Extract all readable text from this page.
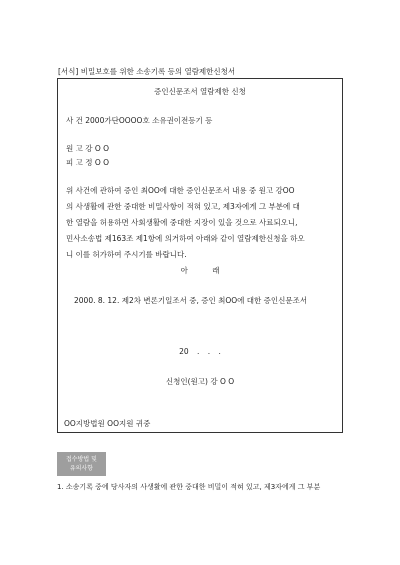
[서식] 비밀보호를 위한 소송기록 등의 열람제한신청서
증인신문조서 열람제한 신청
사 건 2000가단OOOO호 소유권이전등기 등
원 고 강 O O
피 고 정 O O

위 사건에 관하여 증인 최OO에 대한 증인신문조서 내용 중 원고 강OO

의 사생활에 관한 중대한 비밀사항이 적혀 있고, 제3자에게 그 부분에 대

한 열람을 허용하면 사회생활에 중대한 지장이 있을 것으로 사료되오니,

민사소송법 제163조 제1항에 의거하여 아래와 같이 열람제한신청을 하오

니 이를 허가하여 주시기를 바랍니다.

아 래
2000. 8. 12. 제2차 변론기일조서 중, 증인 최OO에 대한 증인신문조서
20 . . .
신청인(원고) 강 O O
OO지방법원 OO지원 귀중
접수방법 및
유의사항
1. 소송기록 중에 당사자의 사생활에 관한 중대한 비밀이 적혀 있고, 제3자에게 그 부분
